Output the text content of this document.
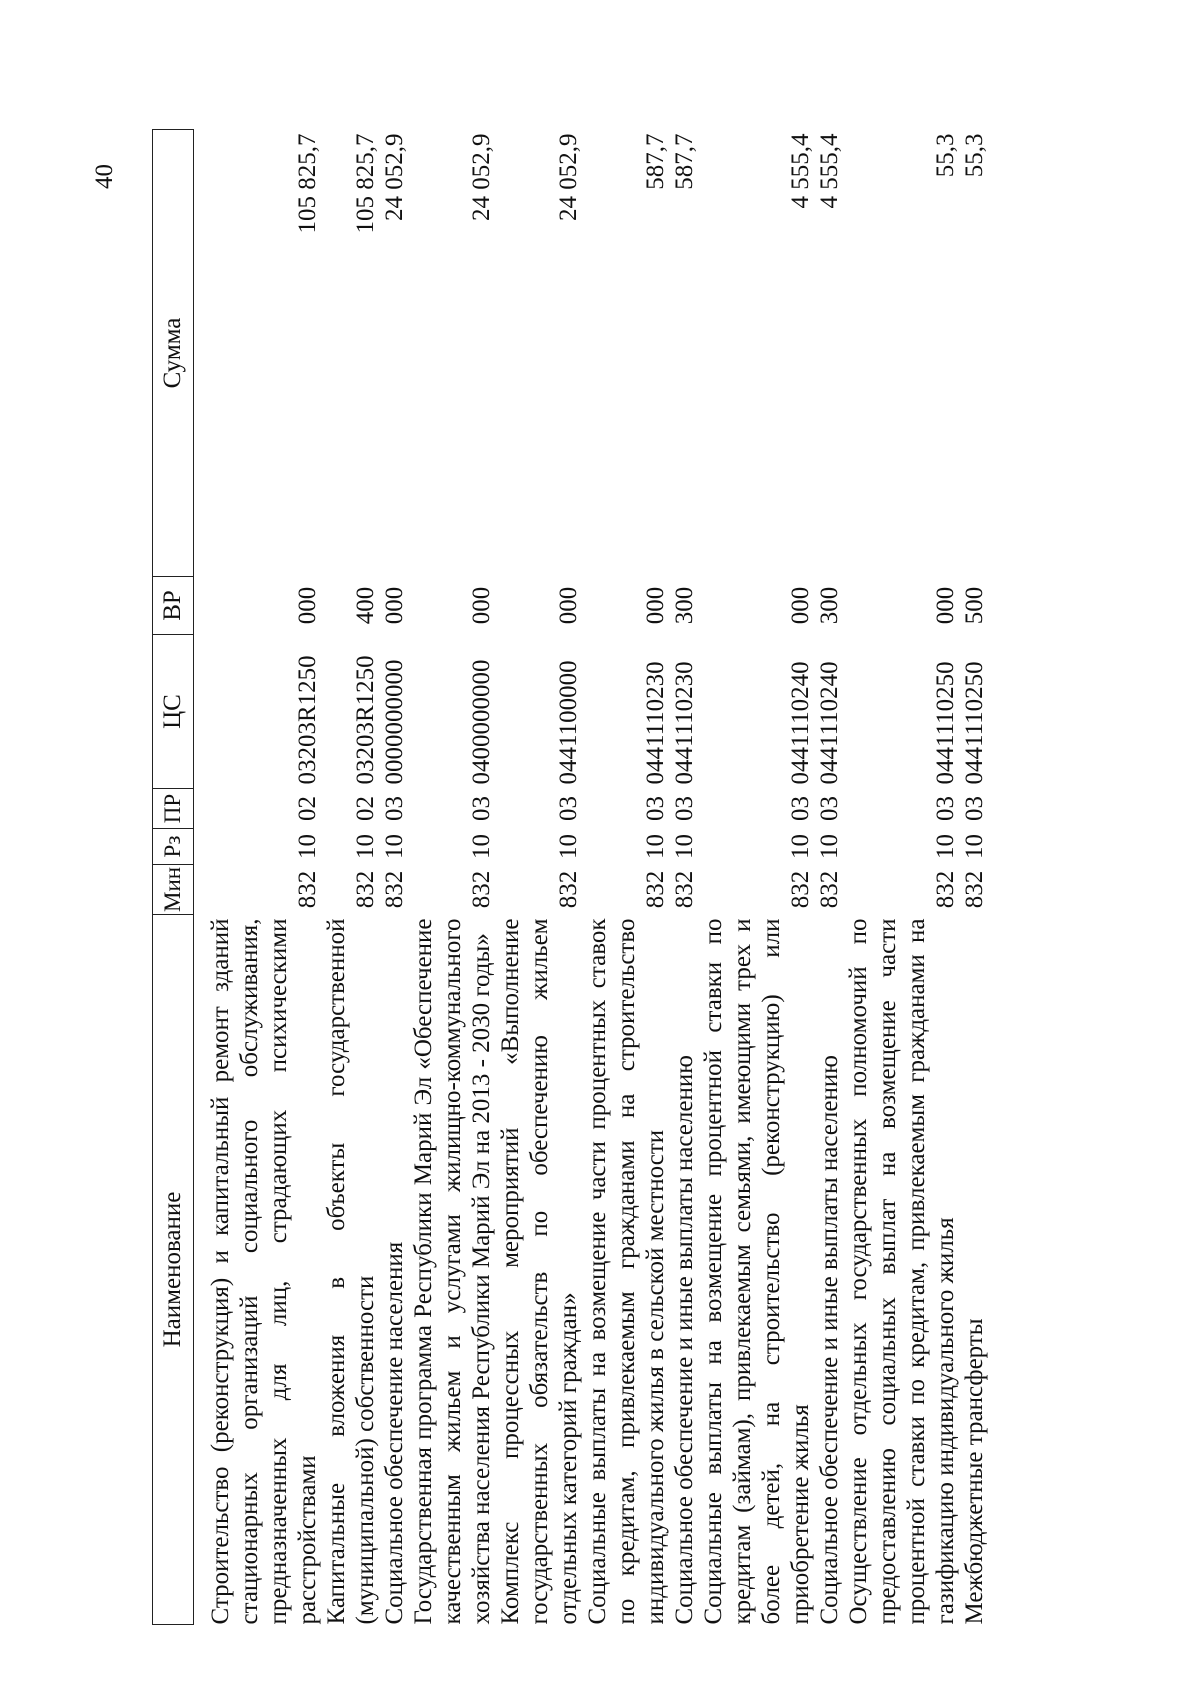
40
Наименование	Мин	Рз	ПР	ЦС	ВР	Сумма
Строительство (реконструкция) и капитальный ремонт зданий стационарных организаций социального обслуживания, предназначенных для лиц, страдающих психическими расстройствами	832	10	02	03203R1250	000	105 825,7
Капитальные вложения в объекты государственной (муниципальной) собственности	832	10	02	03203R1250	400	105 825,7
Социальное обеспечение населения	832	10	03	0000000000	000	24 052,9
Государственная программа Республики Марий Эл «Обеспечение качественным жильем и услугами жилищно-коммунального хозяйства населения Республики Марий Эл на 2013 - 2030 годы»	832	10	03	0400000000	000	24 052,9
Комплекс процессных мероприятий «Выполнение государственных обязательств по обеспечению жильем отдельных категорий граждан»	832	10	03	0441100000	000	24 052,9
Социальные выплаты на возмещение части процентных ставок по кредитам, привлекаемым гражданами на строительство индивидуального жилья в сельской местности	832	10	03	0441110230	000	587,7
Социальное обеспечение и иные выплаты населению	832	10	03	0441110230	300	587,7
Социальные выплаты на возмещение процентной ставки по кредитам (займам), привлекаемым семьями, имеющими трех и более детей, на строительство (реконструкцию) или приобретение жилья	832	10	03	0441110240	000	4 555,4
Социальное обеспечение и иные выплаты населению	832	10	03	0441110240	300	4 555,4
Осуществление отдельных государственных полномочий по предоставлению социальных выплат на возмещение части процентной ставки по кредитам, привлекаемым гражданами на газификацию индивидуального жилья	832	10	03	0441110250	000	55,3
Межбюджетные трансферты	832	10	03	0441110250	500	55,3
